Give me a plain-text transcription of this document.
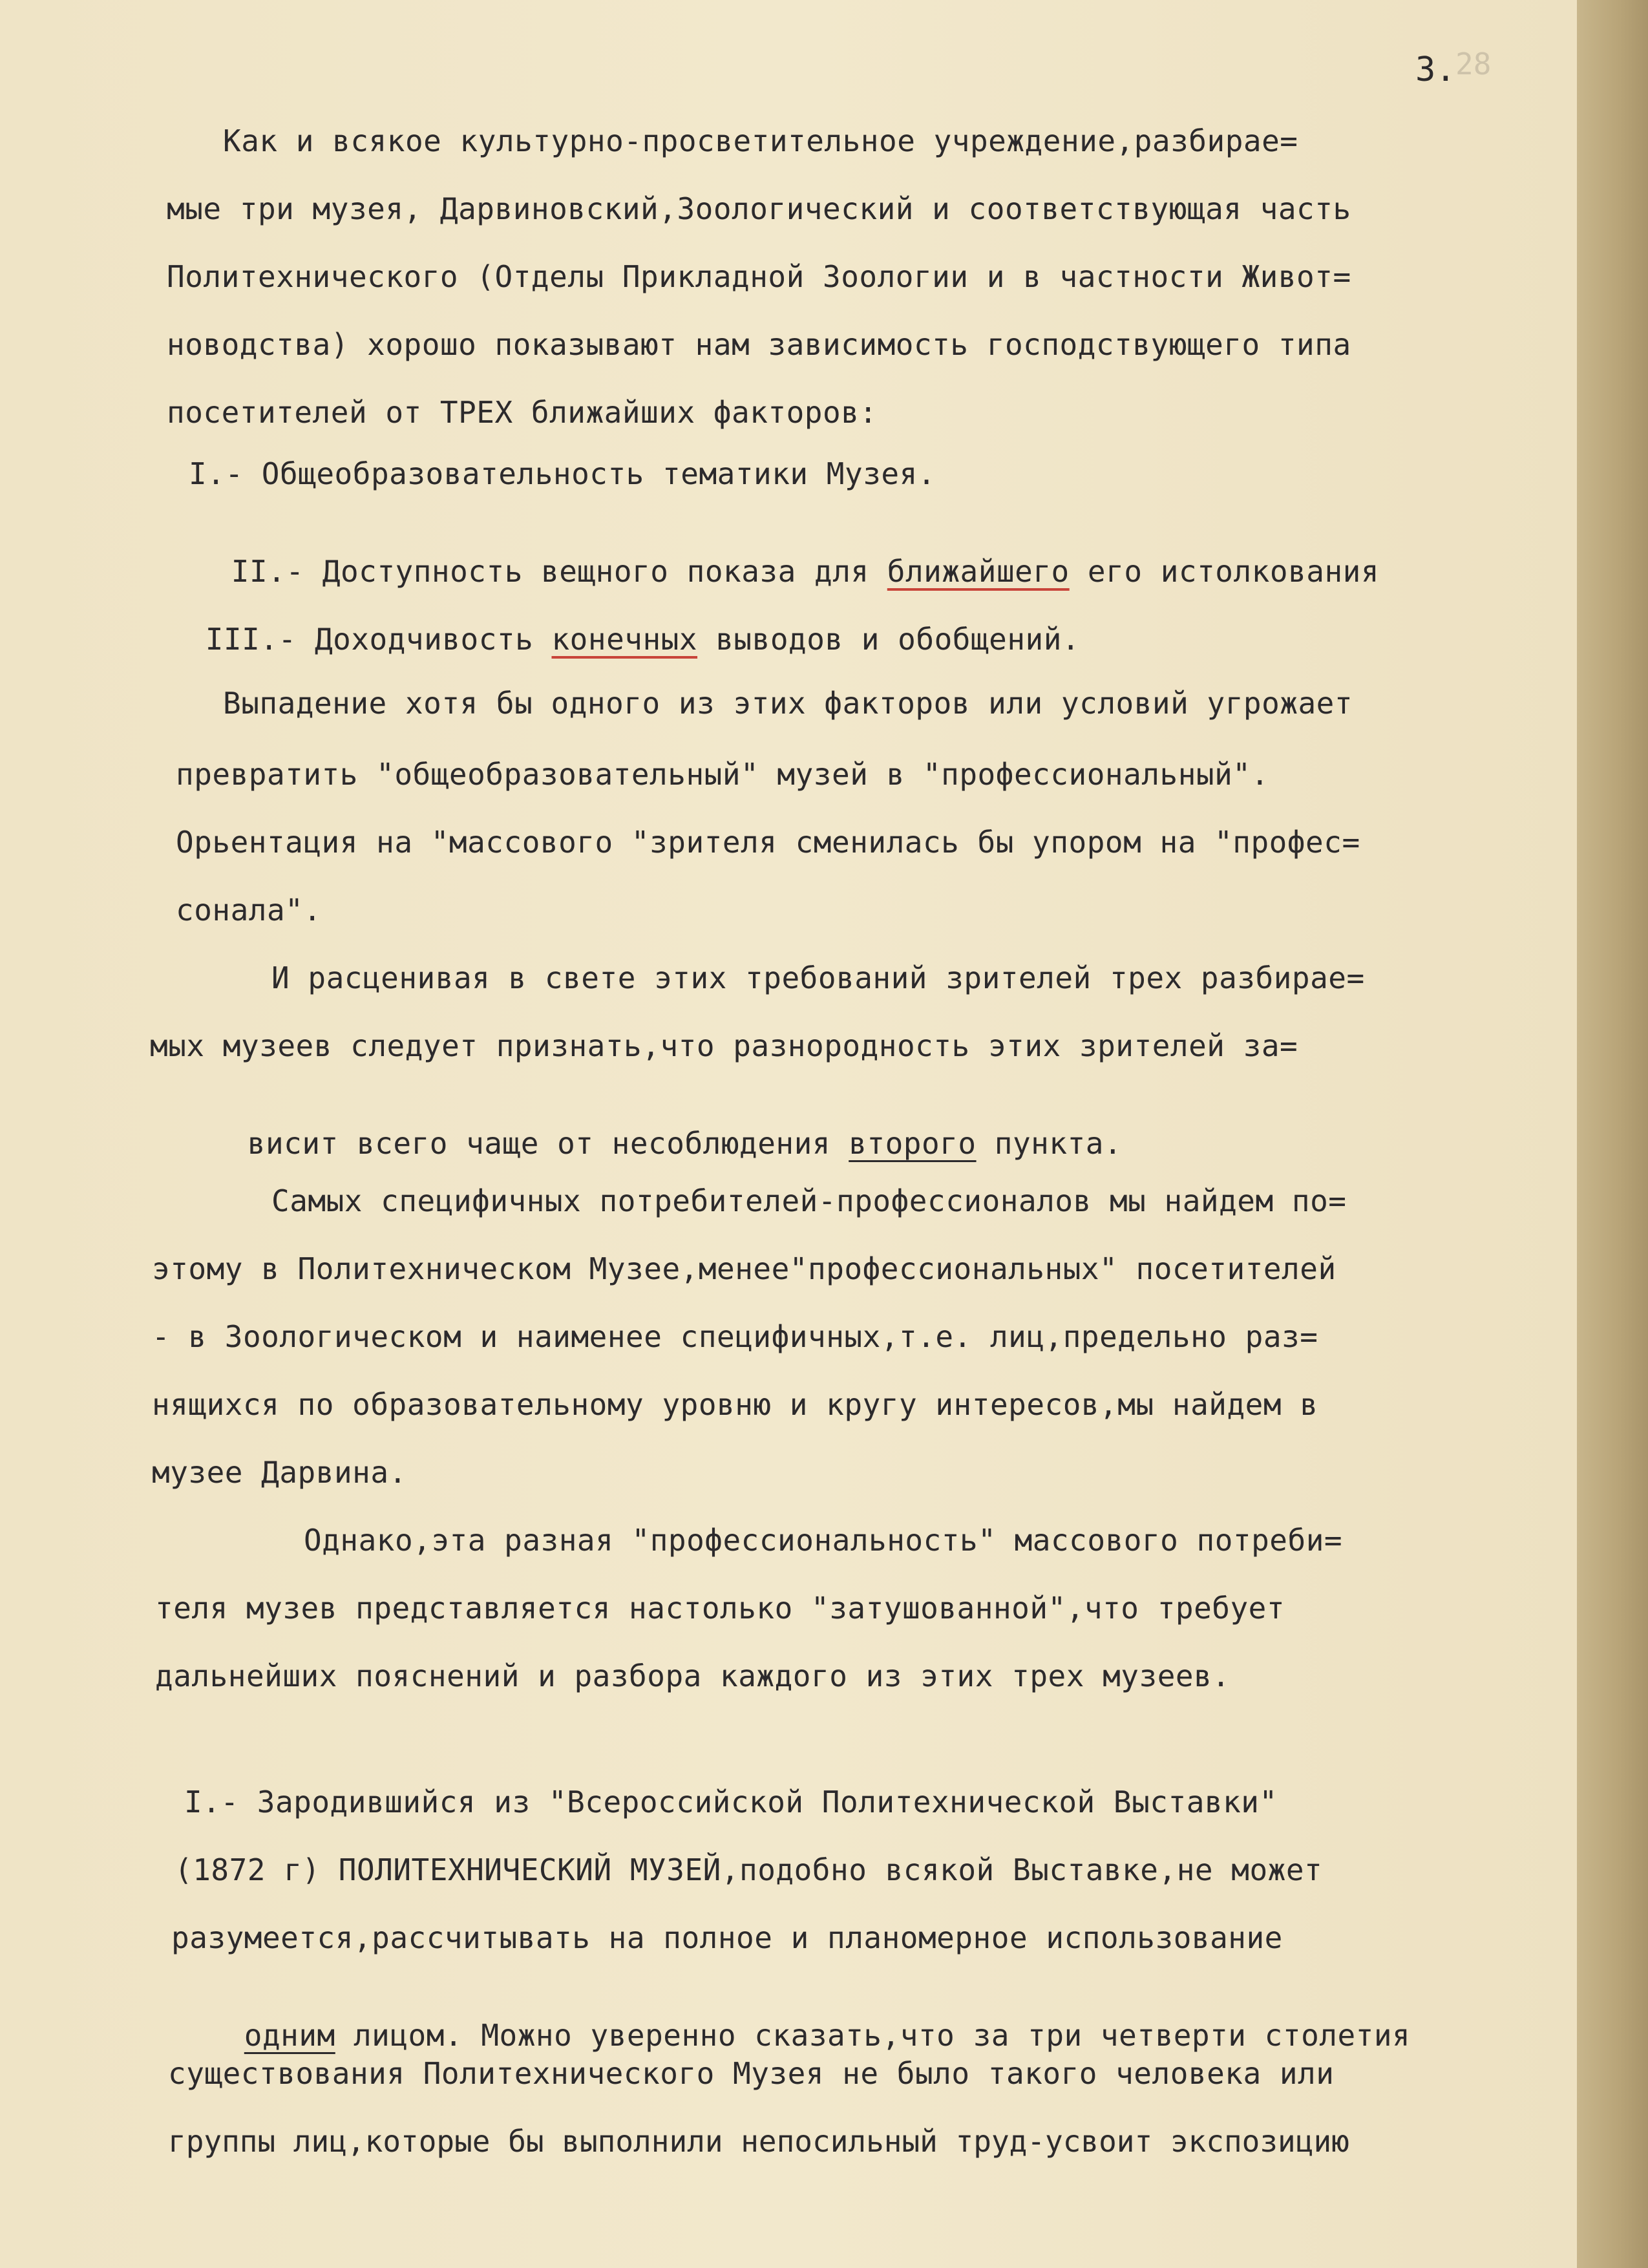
3. 28
Как и всякое культурно-просветительное учреждение,разбирае=
мые три музея, Дарвиновский,Зоологический и соответствующая часть
Политехнического (Отделы Прикладной Зоологии и в частности Живот=
новодства) хорошо показывают нам зависимость господствующего типа
посетителей от ТРЕХ ближайших факторов:
I.- Общеобразовательность тематики Музея.

II.- Доступность вещного показа для ближайшего его истолкования

III.- Доходчивость конечных выводов и обобщений.

Выпадение хотя бы одного из этих факторов или условий угрожает
превратить "общеобразовательный" музей в "профессиональный".
Орьентация на "массового "зрителя сменилась бы упором на "профес=
сонала".
И расценивая в свете этих требований зрителей трех разбирае=
мых музеев следует признать,что разнородность этих зрителей за=

висит всего чаще от несоблюдения второго пункта.

Самых специфичных потребителей-профессионалов мы найдем по=
этому в Политехническом Музее,менее"профессиональных" посетителей
- в Зоологическом и наименее специфичных,т.е. лиц,предельно раз=
нящихся по образовательному уровню и кругу интересов,мы найдем в
музее Дарвина.
Однако,эта разная "профессиональность" массового потреби=
теля музев представляется настолько "затушованной",что требует
дальнейших пояснений и разбора каждого из этих трех музеев.
I.- Зародившийся из "Всероссийской Политехнической Выставки"
(1872 г) ПОЛИТЕХНИЧЕСКИЙ МУЗЕЙ,подобно всякой Выставке,не может
разумеется,рассчитывать на полное и планомерное использование

одним лицом. Можно уверенно сказать,что за три четверти столетия

существования Политехнического Музея не было такого человека или
группы лиц,которые бы выполнили непосильный труд-усвоит экспозицию
